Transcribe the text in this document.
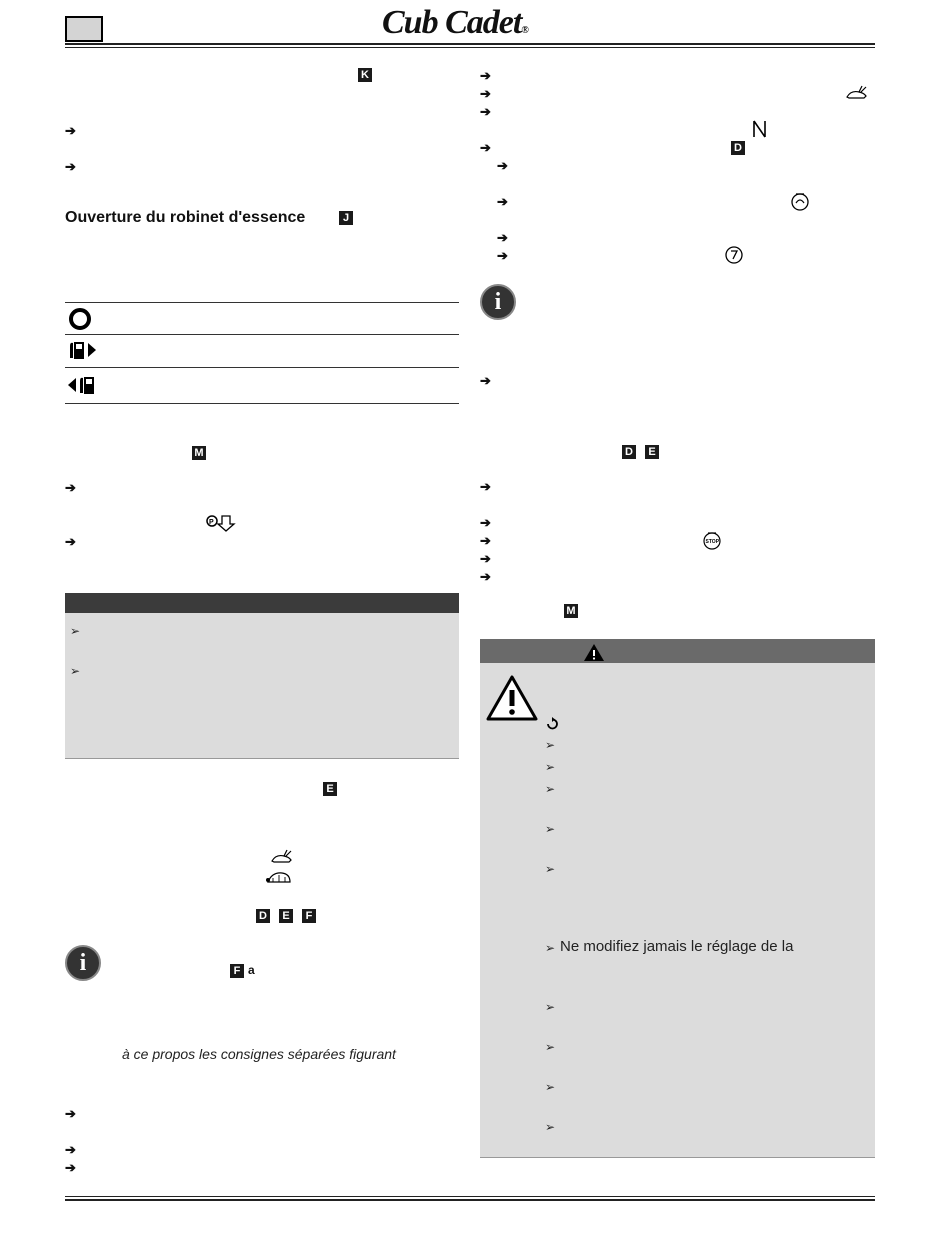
Cub Cadet®
K
➔
➔
Ouverture du robinet d'essence	J
M
➔
P
➔
➢
➢
E
D	E	F
i	F a
à ce propos les consignes séparées figurant
➔
➔
➔
➔
➔
➔
➔	D
➔
➔
➔
➔
i
➔
D	E
➔
➔
➔	STOP
➔
➔
M
➢
➢
➢
➢
➢
➢ Ne modifiez jamais le réglage de la
➢
➢
➢
➢
